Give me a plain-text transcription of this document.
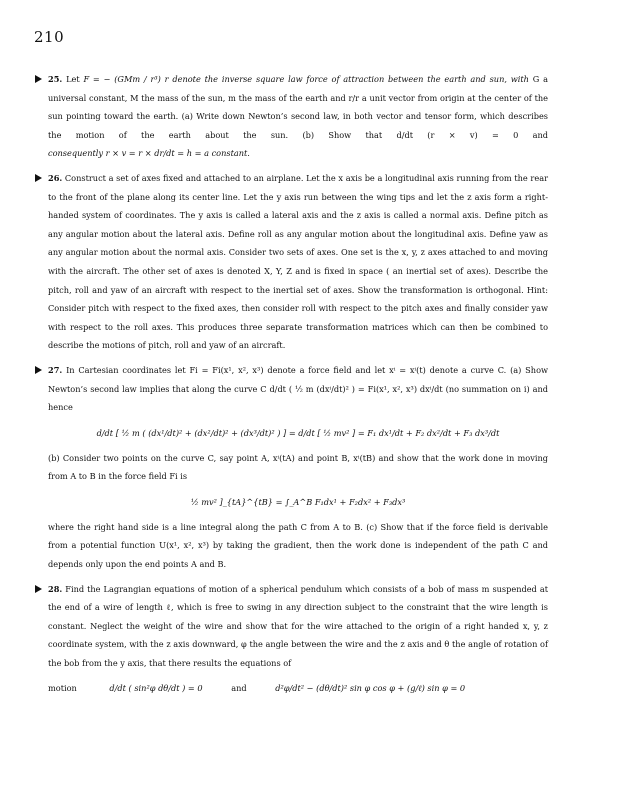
210

25. Let F = − (GMm / r³) r denote the inverse square law force of attraction between the earth and sun, with G a universal constant, M the mass of the sun, m the mass of the earth and r/r a unit vector from origin at the center of the sun pointing toward the earth. (a) Write down Newton’s second law, in both vector and tensor form, which describes the motion of the earth about the sun. (b) Show that d/dt (r × v) = 0 and consequently r × v = r × dr/dt = h = a constant.

26. Construct a set of axes fixed and attached to an airplane. Let the x axis be a longitudinal axis running from the rear to the front of the plane along its center line. Let the y axis run between the wing tips and let the z axis form a right-handed system of coordinates. The y axis is called a lateral axis and the z axis is called a normal axis. Define pitch as any angular motion about the lateral axis. Define roll as any angular motion about the longitudinal axis. Define yaw as any angular motion about the normal axis. Consider two sets of axes. One set is the x, y, z axes attached to and moving with the aircraft. The other set of axes is denoted X, Y, Z and is fixed in space ( an inertial set of axes). Describe the pitch, roll and yaw of an aircraft with respect to the inertial set of axes. Show the transformation is orthogonal. Hint: Consider pitch with respect to the fixed axes, then consider roll with respect to the pitch axes and finally consider yaw with respect to the roll axes. This produces three separate transformation matrices which can then be combined to describe the motions of pitch, roll and yaw of an aircraft.

27. In Cartesian coordinates let Fi = Fi(x¹, x², x³) denote a force field and let xⁱ = xⁱ(t) denote a curve C. (a) Show Newton’s second law implies that along the curve C d/dt ( ½ m (dxⁱ/dt)² ) = Fi(x¹, x², x³) dxⁱ/dt (no summation on i) and hence

d/dt [ ½ m ( (dx¹/dt)² + (dx²/dt)² + (dx³/dt)² ) ] = d/dt [ ½ mv² ] = F₁ dx¹/dt + F₂ dx²/dt + F₃ dx³/dt

(b) Consider two points on the curve C, say point A, xⁱ(tA) and point B, xⁱ(tB) and show that the work done in moving from A to B in the force field Fi is

½ mv² ]_{tA}^{tB} = ∫_A^B F₁dx¹ + F₂dx² + F₃dx³

where the right hand side is a line integral along the path C from A to B. (c) Show that if the force field is derivable from a potential function U(x¹, x², x³) by taking the gradient, then the work done is independent of the path C and depends only upon the end points A and B.

28. Find the Lagrangian equations of motion of a spherical pendulum which consists of a bob of mass m suspended at the end of a wire of length ℓ, which is free to swing in any direction subject to the constraint that the wire length is constant. Neglect the weight of the wire and show that for the wire attached to the origin of a right handed x, y, z coordinate system, with the z axis downward, φ the angle between the wire and the z axis and θ the angle of rotation of the bob from the y axis, that there results the equations of

motion	d/dt ( sin²φ dθ/dt ) = 0	and	d²φ/dt² − (dθ/dt)² sin φ cos φ + (g/ℓ) sin φ = 0
